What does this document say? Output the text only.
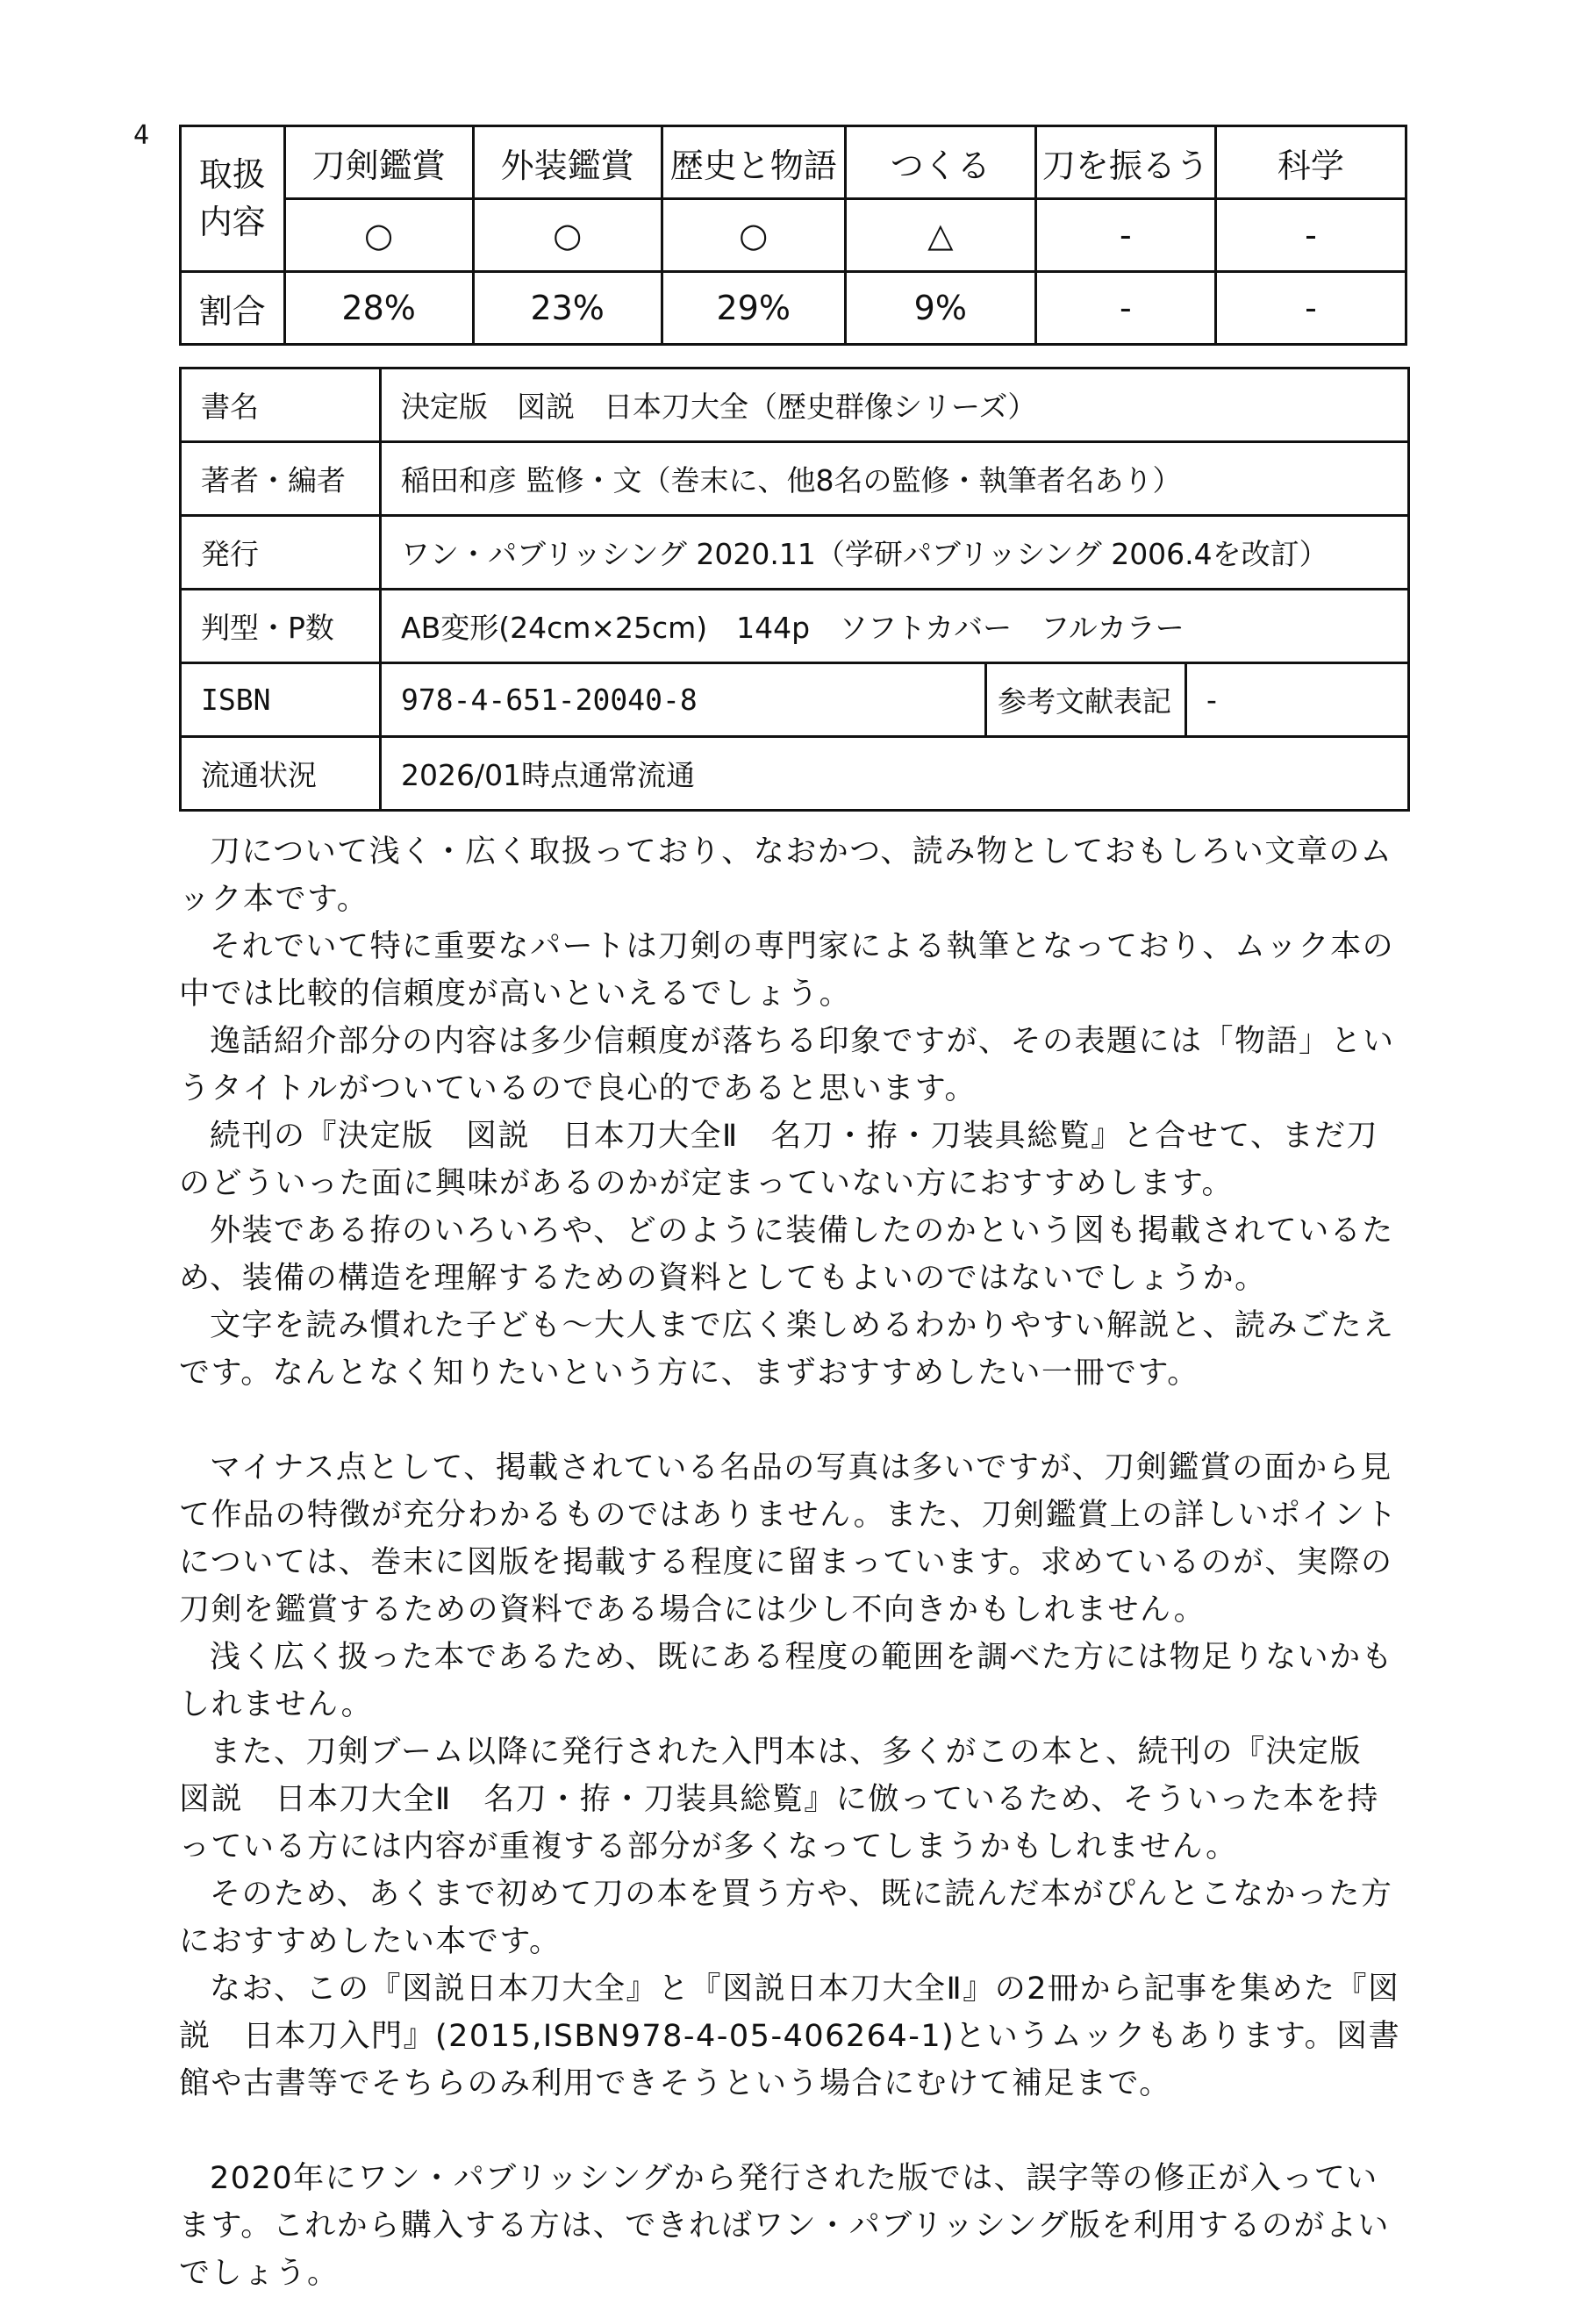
4
取扱
内容	刀剣鑑賞	外装鑑賞	歴史と物語	つくる	刀を振るう	科学
	○	○	○	△	-	-
割合	28%	23%	29%	9%	-	-
書名	決定版　図説　日本刀大全（歴史群像シリーズ）		
著者・編者	稲田和彦 監修・文（巻末に、他8名の監修・執筆者名あり）		
発行	ワン・パブリッシング 2020.11（学研パブリッシング 2006.4を改訂）		
判型・P数	AB変形(24cm×25cm)　144p　ソフトカバー　フルカラー		
ISBN	978-4-651-20040-8	参考文献表記	-
流通状況	2026/01時点通常流通		

刀について浅く・広く取扱っており、なおかつ、読み物としておもしろい文章のムック本です。

それでいて特に重要なパートは刀剣の専門家による執筆となっており、ムック本の中では比較的信頼度が高いといえるでしょう。

逸話紹介部分の内容は多少信頼度が落ちる印象ですが、その表題には「物語」というタイトルがついているので良心的であると思います。

続刊の『決定版　図説　日本刀大全Ⅱ　名刀・拵・刀装具総覧』と合せて、まだ刀のどういった面に興味があるのかが定まっていない方におすすめします。

外装である拵のいろいろや、どのように装備したのかという図も掲載されているため、装備の構造を理解するための資料としてもよいのではないでしょうか。

文字を読み慣れた子ども～大人まで広く楽しめるわかりやすい解説と、読みごたえです。なんとなく知りたいという方に、まずおすすめしたい一冊です。

マイナス点として、掲載されている名品の写真は多いですが、刀剣鑑賞の面から見て作品の特徴が充分わかるものではありません。また、刀剣鑑賞上の詳しいポイントについては、巻末に図版を掲載する程度に留まっています。求めているのが、実際の刀剣を鑑賞するための資料である場合には少し不向きかもしれません。

浅く広く扱った本であるため、既にある程度の範囲を調べた方には物足りないかもしれません。

また、刀剣ブーム以降に発行された入門本は、多くがこの本と、続刊の『決定版　図説　日本刀大全Ⅱ　名刀・拵・刀装具総覧』に倣っているため、そういった本を持っている方には内容が重複する部分が多くなってしまうかもしれません。

そのため、あくまで初めて刀の本を買う方や、既に読んだ本がぴんとこなかった方におすすめしたい本です。

なお、この『図説日本刀大全』と『図説日本刀大全Ⅱ』の2冊から記事を集めた『図説　日本刀入門』(2015,ISBN978-4-05-406264-1)というムックもあります。図書館や古書等でそちらのみ利用できそうという場合にむけて補足まで。

2020年にワン・パブリッシングから発行された版では、誤字等の修正が入っています。これから購入する方は、できればワン・パブリッシング版を利用するのがよいでしょう。
